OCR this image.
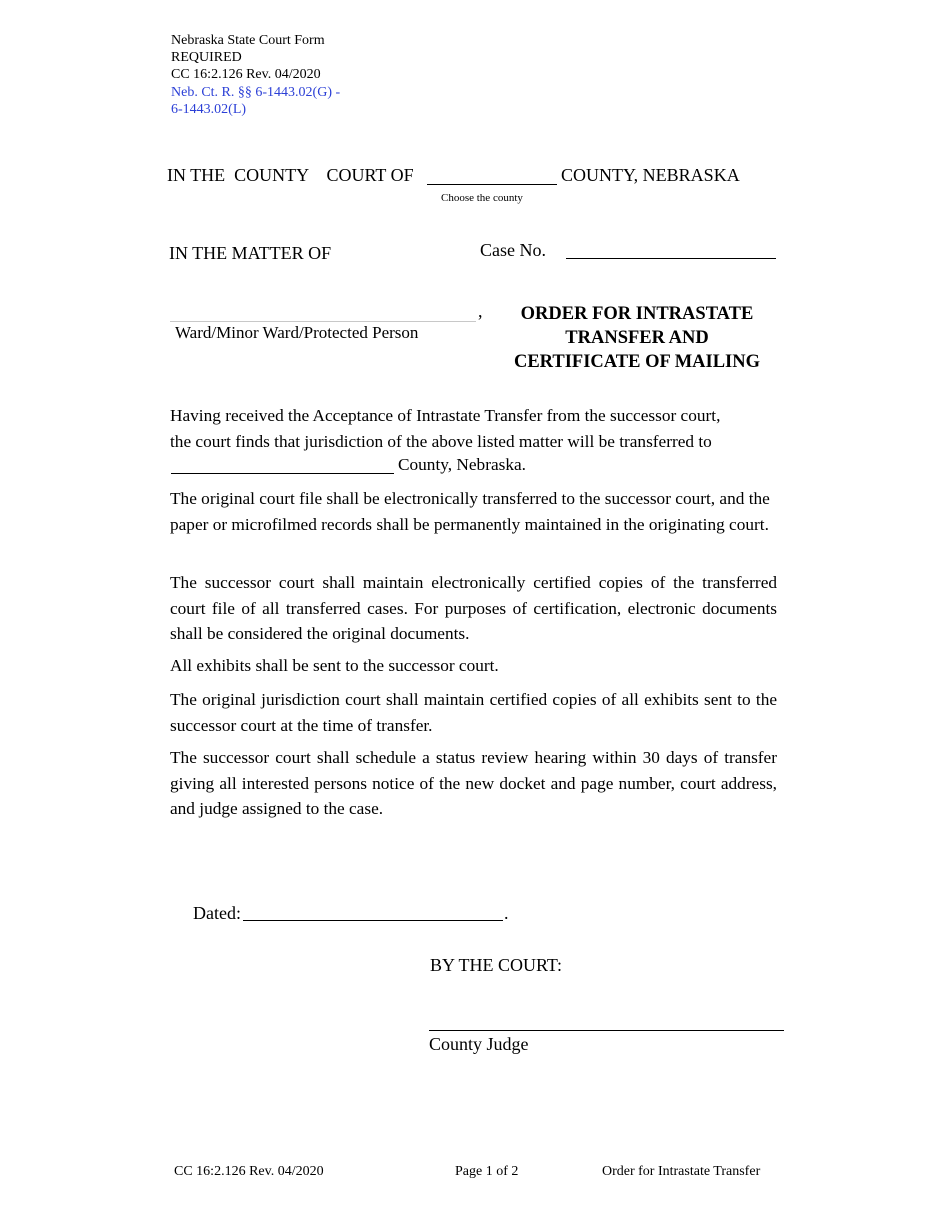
Nebraska State Court Form
REQUIRED
CC 16:2.126 Rev. 04/2020
Neb. Ct. R. §§ 6-1443.02(G) -
6-1443.02(L)
IN THE  COUNTY    COURT OF	COUNTY, NEBRASKA
Choose the county
IN THE MATTER OF	Case No.
,
Ward/Minor Ward/Protected Person
ORDER FOR INTRASTATE
TRANSFER AND
CERTIFICATE OF MAILING
Having received the Acceptance of Intrastate Transfer from the successor court,
the court finds that jurisdiction of the above listed matter will be transferred to
County, Nebraska.
The original court file shall be electronically transferred to the successor court, and the paper or microfilmed records shall be permanently maintained in the originating court.
The successor court shall maintain electronically certified copies of the transferred court file of all transferred cases. For purposes of certification, electronic documents shall be considered the original documents.
All exhibits shall be sent to the successor court.
The original jurisdiction court shall maintain certified copies of all exhibits sent to the successor court at the time of transfer.
The successor court shall schedule a status review hearing within 30 days of transfer giving all interested persons notice of the new docket and page number, court address, and judge assigned to the case.
Dated:	.
BY THE COURT:
County Judge
CC 16:2.126 Rev. 04/2020	Page 1 of 2	Order for Intrastate Transfer
